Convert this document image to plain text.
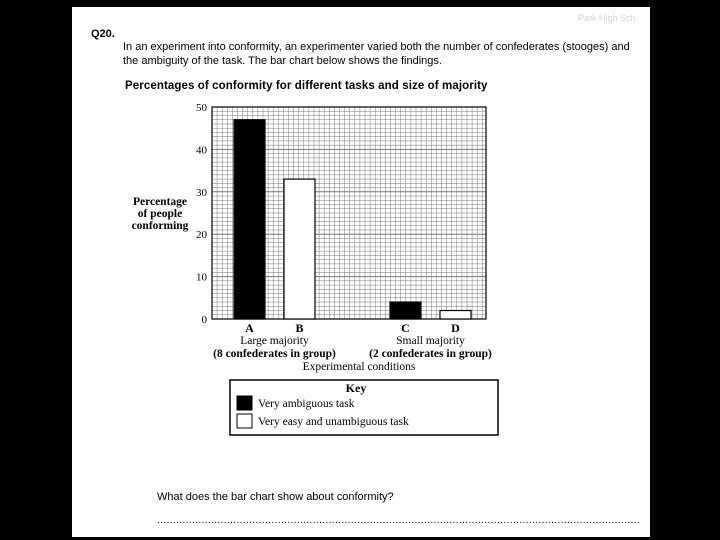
Park High Sch
Q20.
In an experiment into conformity, an experimenter varied both the number of confederates (stooges) and the ambiguity of the task. The bar chart below shows the findings.
Percentages of conformity for different tasks and size of majority
0
10
20
30
40
50
A	B	C	D
Percentage
of people
conforming
Large majority
(8 confederates in group)
Small majority
(2 confederates in group)
Experimental conditions
Key
Very ambiguous task
Very easy and unambiguous task
What does the bar chart show about conformity?
........................................................................................................................................................
